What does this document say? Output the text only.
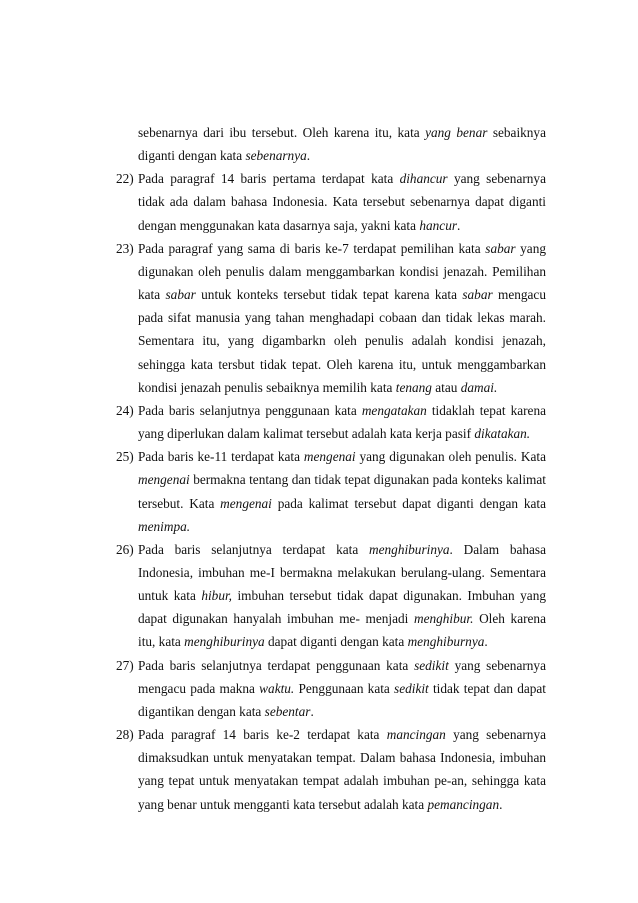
sebenarnya dari ibu tersebut. Oleh karena itu, kata yang benar sebaiknya diganti dengan kata sebenarnya.
22) Pada paragraf 14 baris pertama terdapat kata dihancur yang sebenarnya tidak ada dalam bahasa Indonesia. Kata tersebut sebenarnya dapat diganti dengan menggunakan kata dasarnya saja, yakni kata hancur.
23) Pada paragraf yang sama di baris ke-7 terdapat pemilihan kata sabar yang digunakan oleh penulis dalam menggambarkan kondisi jenazah. Pemilihan kata sabar untuk konteks tersebut tidak tepat karena kata sabar mengacu pada sifat manusia yang tahan menghadapi cobaan dan tidak lekas marah. Sementara itu, yang digambarkn oleh penulis adalah kondisi jenazah, sehingga kata tersbut tidak tepat. Oleh karena itu, untuk menggambarkan kondisi jenazah penulis sebaiknya memilih kata tenang atau damai.
24) Pada baris selanjutnya penggunaan kata mengatakan tidaklah tepat karena yang diperlukan dalam kalimat tersebut adalah kata kerja pasif dikatakan.
25) Pada baris ke-11 terdapat kata mengenai yang digunakan oleh penulis. Kata mengenai bermakna tentang dan tidak tepat digunakan pada konteks kalimat tersebut. Kata mengenai pada kalimat tersebut dapat diganti dengan kata menimpa.
26) Pada baris selanjutnya terdapat kata menghiburinya. Dalam bahasa Indonesia, imbuhan me-I bermakna melakukan berulang-ulang. Sementara untuk kata hibur, imbuhan tersebut tidak dapat digunakan. Imbuhan yang dapat digunakan hanyalah imbuhan me- menjadi menghibur. Oleh karena itu, kata menghiburinya dapat diganti dengan kata menghiburnya.
27) Pada baris selanjutnya terdapat penggunaan kata sedikit yang sebenarnya mengacu pada makna waktu. Penggunaan kata sedikit tidak tepat dan dapat digantikan dengan kata sebentar.
28) Pada paragraf 14 baris ke-2 terdapat kata mancingan yang sebenarnya dimaksudkan untuk menyatakan tempat. Dalam bahasa Indonesia, imbuhan yang tepat untuk menyatakan tempat adalah imbuhan pe-an, sehingga kata yang benar untuk mengganti kata tersebut adalah kata pemancingan.
